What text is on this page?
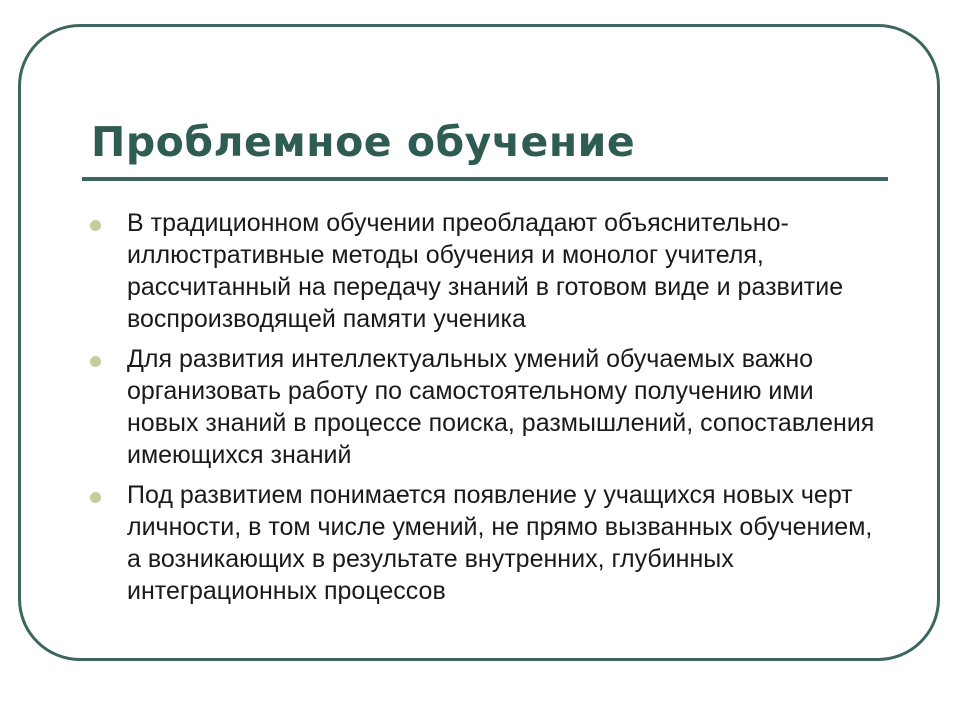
Проблемное обучение
В традиционном обучении преобладают объяснительно-иллюстративные методы обучения и монолог учителя, рассчитанный на передачу знаний в готовом виде и развитие воспроизводящей памяти ученика
Для развития интеллектуальных умений обучаемых важно организовать работу по самостоятельному получению ими новых знаний в процессе поиска, размышлений, сопоставления имеющихся знаний
Под развитием понимается появление у учащихся новых черт личности, в том числе умений, не прямо вызванных обучением, а возникающих в результате внутренних, глубинных интеграционных процессов
